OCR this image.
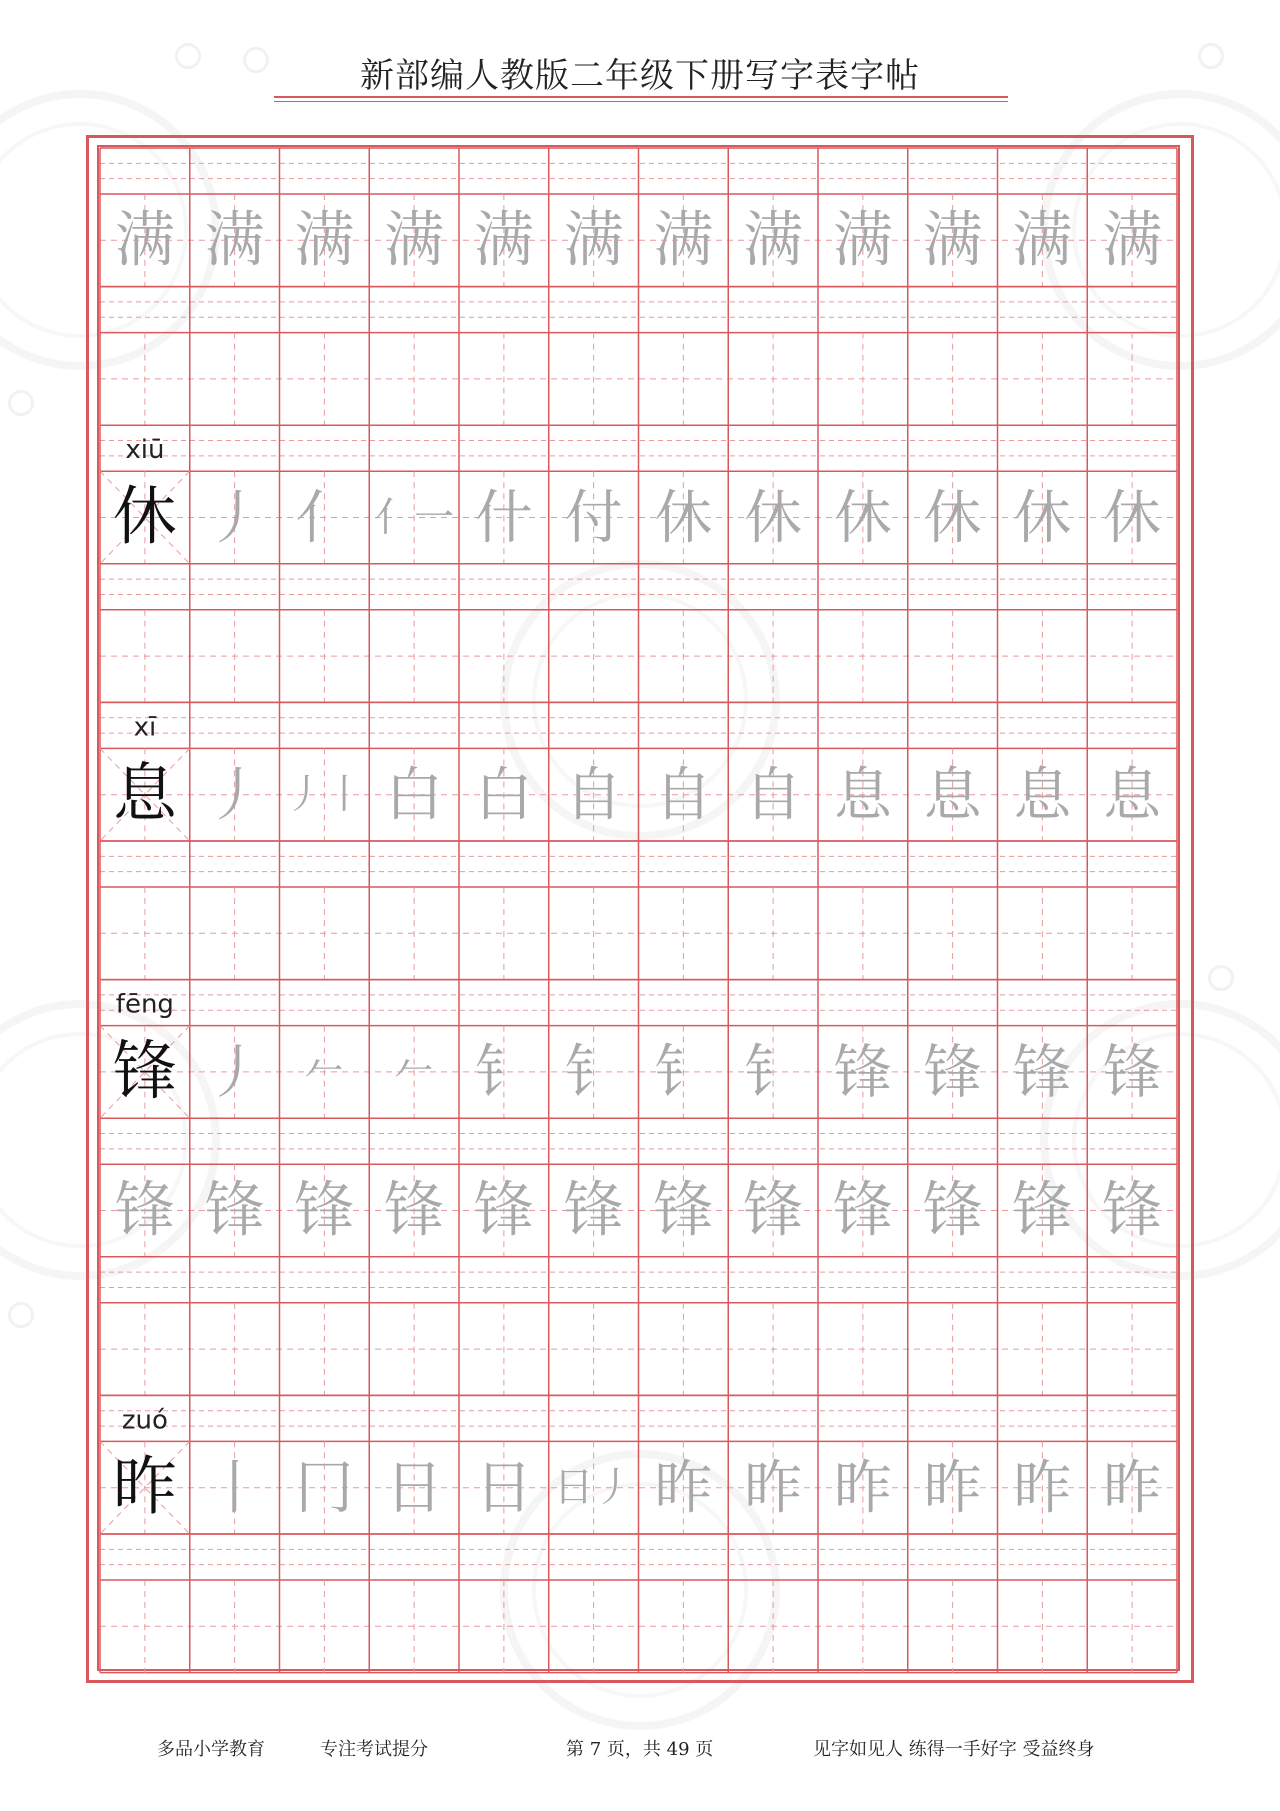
新部编人教版二年级下册写字表字帖
满 满 满 满 满 满 满 满 满 满 满 满
xiū
休 丿 亻 亻一 什 付 休 休 休 休 休 休
xī
息 丿 丿丨 白 白 自 自 自 息 息 息 息
fēng
锋 丿 𠂉 𠂉 钅 钅 钅 钅 锋 锋 锋 锋
锋 锋 锋 锋 锋 锋 锋 锋 锋 锋 锋 锋
zuó
昨 丨 冂 日 日 日丿 昨 昨 昨 昨 昨 昨
多品小学教育	专注考试提分	第 7 页，共 49 页	见字如见人 练得一手好字 受益终身
